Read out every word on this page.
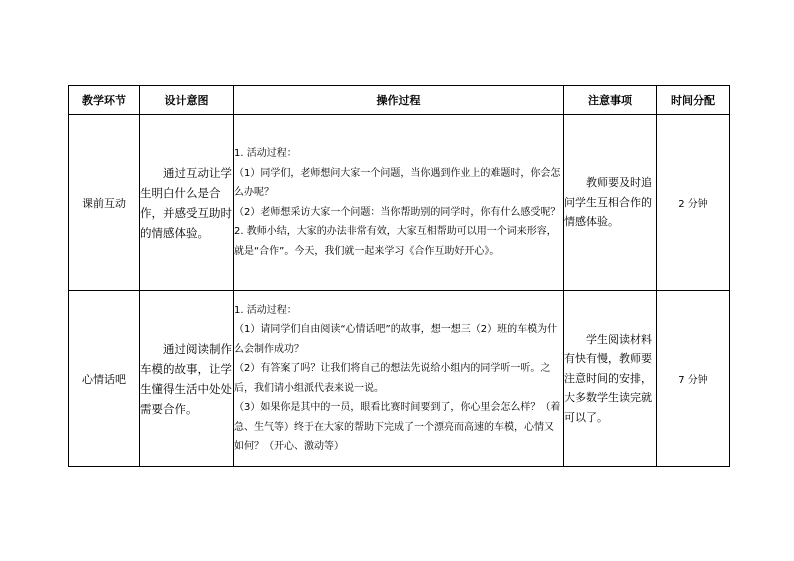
教学环节	设计意图	操作过程	注意事项	时间分配
课前互动	通过互动让学生明白什么是合作，并感受互助时的情感体验。	1. 活动过程：

（1）同学们，老师想问大家一个问题，当你遇到作业上的难题时，你会怎么办呢？

（2）老师想采访大家一个问题：当你帮助别的同学时，你有什么感受呢？

2. 教师小结，大家的办法非常有效，大家互相帮助可以用一个词来形容，就是“合作”。今天，我们就一起来学习《合作互助好开心》。	教师要及时追问学生互相合作的情感体验。	2 分钟
心情话吧	通过阅读制作车模的故事，让学生懂得生活中处处需要合作。	1. 活动过程：

（1）请同学们自由阅读“心情话吧”的故事，想一想三（2）班的车模为什么会制作成功？

（2）有答案了吗？让我们将自己的想法先说给小组内的同学听一听。之后，我们请小组派代表来说一说。

（3）如果你是其中的一员，眼看比赛时间要到了，你心里会怎么样？（着急、生气等）终于在大家的帮助下完成了一个漂亮而高速的车模，心情又如何？（开心、激动等）	学生阅读材料有快有慢，教师要注意时间的安排，大多数学生读完就可以了。	7 分钟
